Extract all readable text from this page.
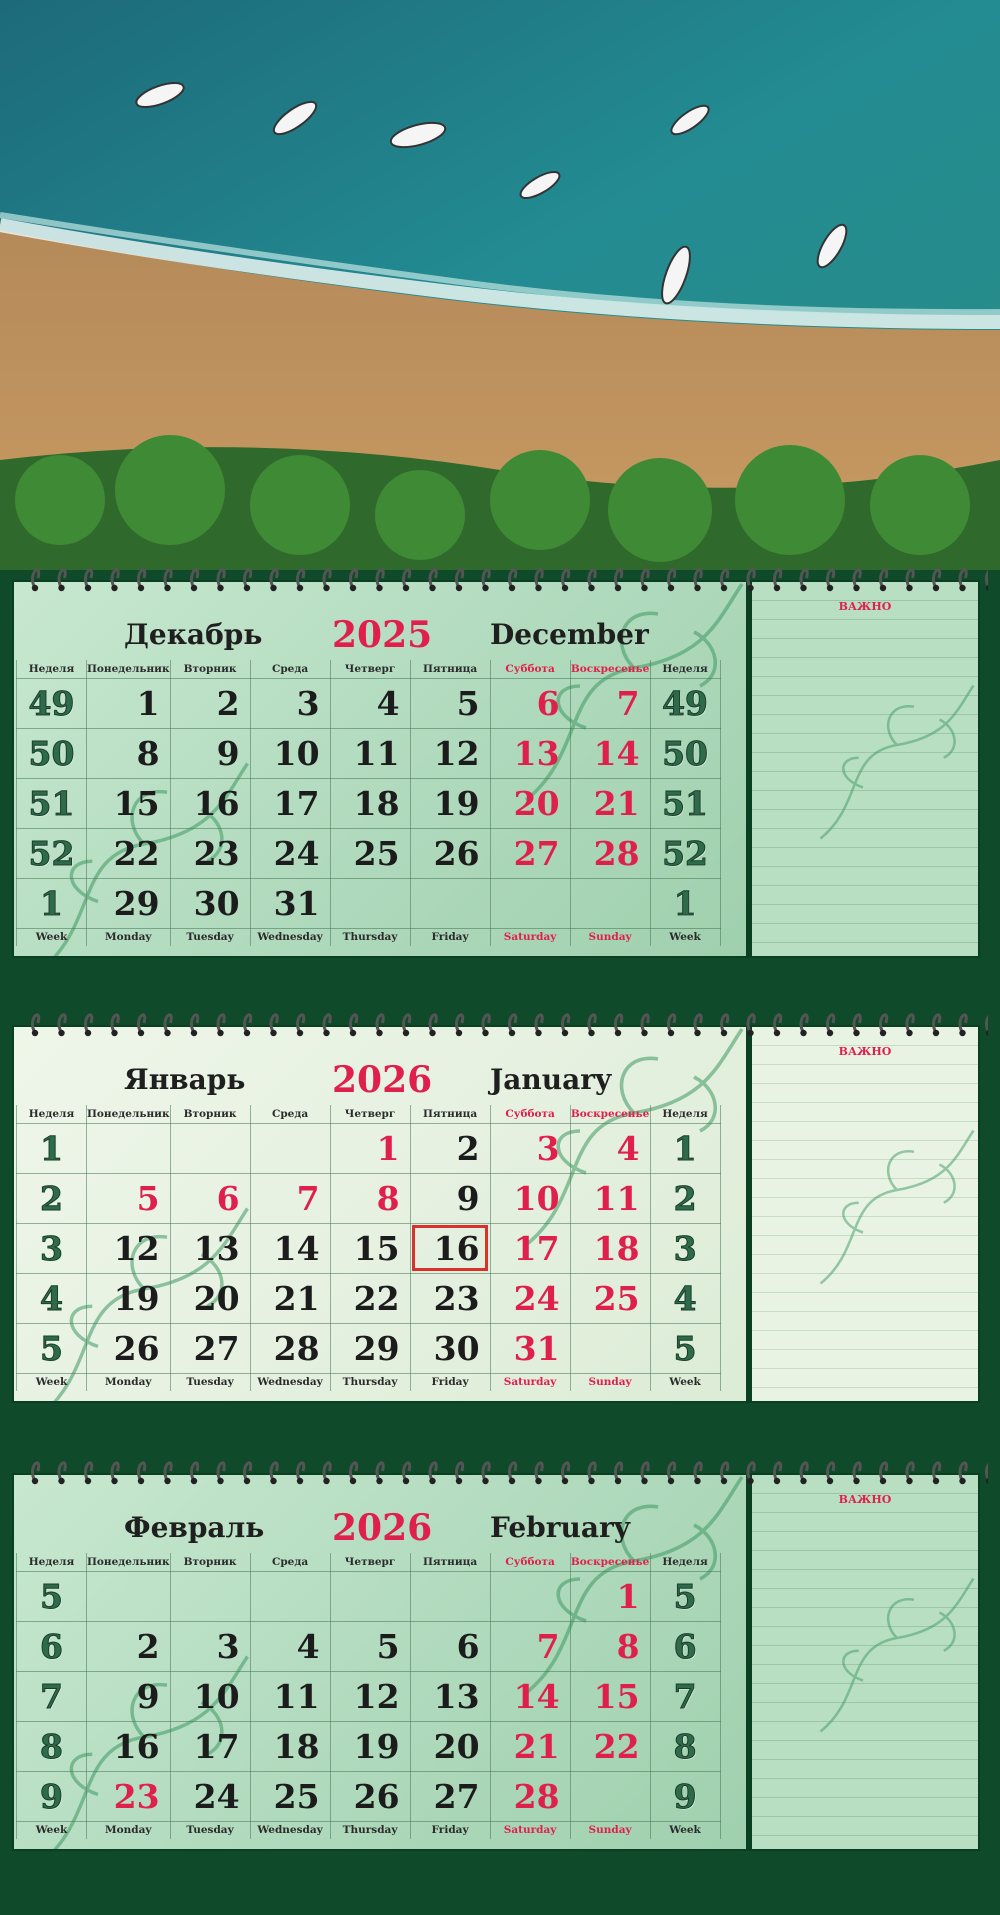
Декабрь 2025 December
Неделя	Понедельник	Вторник	Среда	Четверг	Пятница	Суббота	Воскресенье	Неделя
49	1	2	3	4	5	6	7	49
50	8	9	10	11	12	13	14	50
51	15	16	17	18	19	20	21	51
52	22	23	24	25	26	27	28	52
1	29	30	31					1
Week	Monday	Tuesday	Wednesday	Thursday	Friday	Saturday	Sunday	Week
ВАЖНО
Январь 2026 January
Неделя	Понедельник	Вторник	Среда	Четверг	Пятница	Суббота	Воскресенье	Неделя
1				1	2	3	4	1
2	5	6	7	8	9	10	11	2
3	12	13	14	15	16	17	18	3
4	19	20	21	22	23	24	25	4
5	26	27	28	29	30	31		5
Week	Monday	Tuesday	Wednesday	Thursday	Friday	Saturday	Sunday	Week
ВАЖНО
Февраль 2026 February
Неделя	Понедельник	Вторник	Среда	Четверг	Пятница	Суббота	Воскресенье	Неделя
5							1	5
6	2	3	4	5	6	7	8	6
7	9	10	11	12	13	14	15	7
8	16	17	18	19	20	21	22	8
9	23	24	25	26	27	28		9
Week	Monday	Tuesday	Wednesday	Thursday	Friday	Saturday	Sunday	Week
ВАЖНО
